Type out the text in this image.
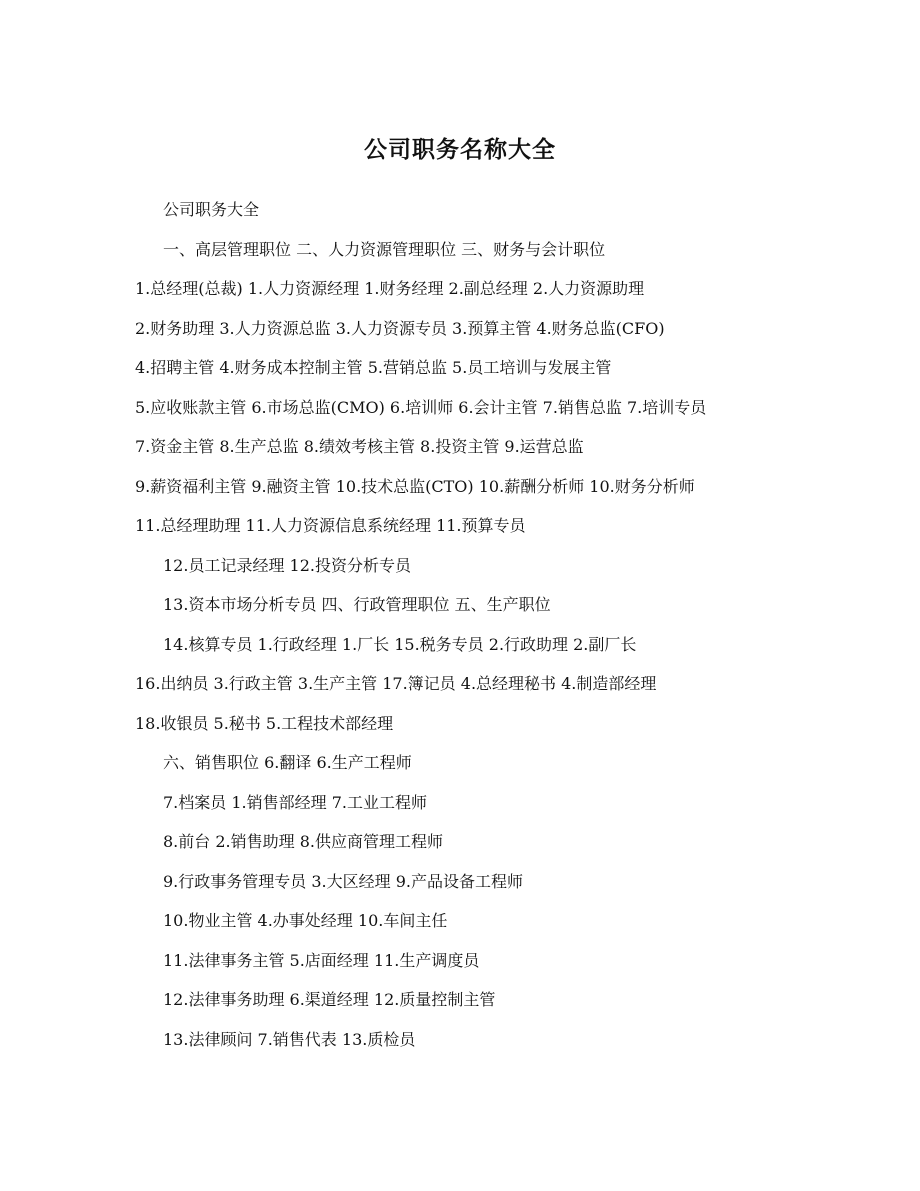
公司职务名称大全
公司职务大全
一、高层管理职位 二、人力资源管理职位 三、财务与会计职位
1.总经理(总裁) 1.人力资源经理 1.财务经理 2.副总经理 2.人力资源助理
2.财务助理 3.人力资源总监 3.人力资源专员 3.预算主管 4.财务总监(CFO)
4.招聘主管 4.财务成本控制主管 5.营销总监 5.员工培训与发展主管
5.应收账款主管 6.市场总监(CMO) 6.培训师 6.会计主管 7.销售总监 7.培训专员
7.资金主管 8.生产总监 8.绩效考核主管 8.投资主管 9.运营总监
9.薪资福利主管 9.融资主管 10.技术总监(CTO) 10.薪酬分析师 10.财务分析师
11.总经理助理 11.人力资源信息系统经理 11.预算专员
12.员工记录经理 12.投资分析专员
13.资本市场分析专员 四、行政管理职位 五、生产职位
14.核算专员 1.行政经理 1.厂长 15.税务专员 2.行政助理 2.副厂长
16.出纳员 3.行政主管 3.生产主管 17.簿记员 4.总经理秘书 4.制造部经理
18.收银员 5.秘书 5.工程技术部经理
六、销售职位 6.翻译 6.生产工程师
7.档案员 1.销售部经理 7.工业工程师
8.前台 2.销售助理 8.供应商管理工程师
9.行政事务管理专员 3.大区经理 9.产品设备工程师
10.物业主管 4.办事处经理 10.车间主任
11.法律事务主管 5.店面经理 11.生产调度员
12.法律事务助理 6.渠道经理 12.质量控制主管
13.法律顾问 7.销售代表 13.质检员
